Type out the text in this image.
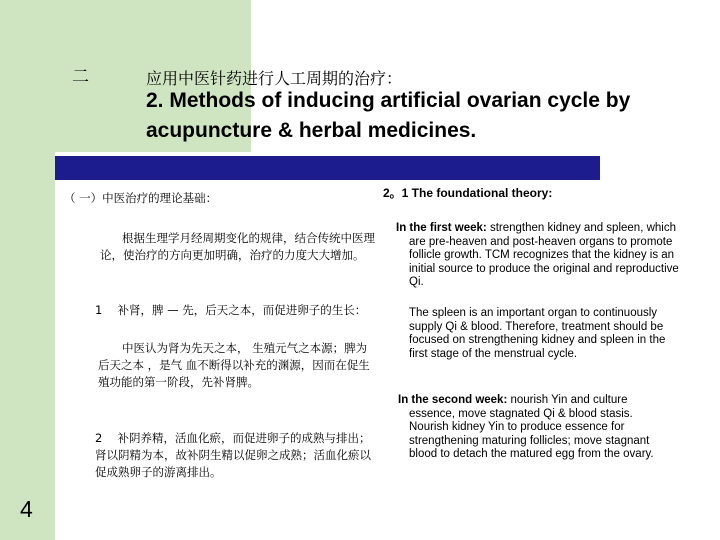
二	应用中医针药进行人工周期的治疗：
2. Methods of inducing artificial ovarian cycle by acupuncture & herbal medicines.
（ 一）中医治疗的理论基础：
根据生理学月经周期变化的规律，结合传统中医理论，使治疗的方向更加明确，治疗的力度大大增加。
1　 补肾，脾 — 先，后天之本，而促进卵子的生长：
中医认为肾为先天之本， 生殖元气之本源；脾为后天之本 ，是气 血不断得以补充的渊源，因而在促生殖功能的第一阶段，先补肾脾。
2　 补阴养精，活血化瘀，而促进卵子的成熟与排出；肾以阴精为本，故补阴生精以促卵之成熟；活血化瘀以促成熟卵子的游离排出。
2。1 The foundational theory:
In the first week: strengthen kidney and spleen, which are pre-heaven and post-heaven organs to promote follicle growth. TCM recognizes that the kidney is an initial source to produce the original and reproductive Qi.
The spleen is an important organ to continuously supply Qi & blood. Therefore, treatment should be focused on strengthening kidney and spleen in the first stage of the menstrual cycle.
In the second week: nourish Yin and culture essence, move stagnated Qi & blood stasis. Nourish kidney Yin to produce essence for strengthening maturing follicles; move stagnant blood to detach the matured egg from the ovary.
4
